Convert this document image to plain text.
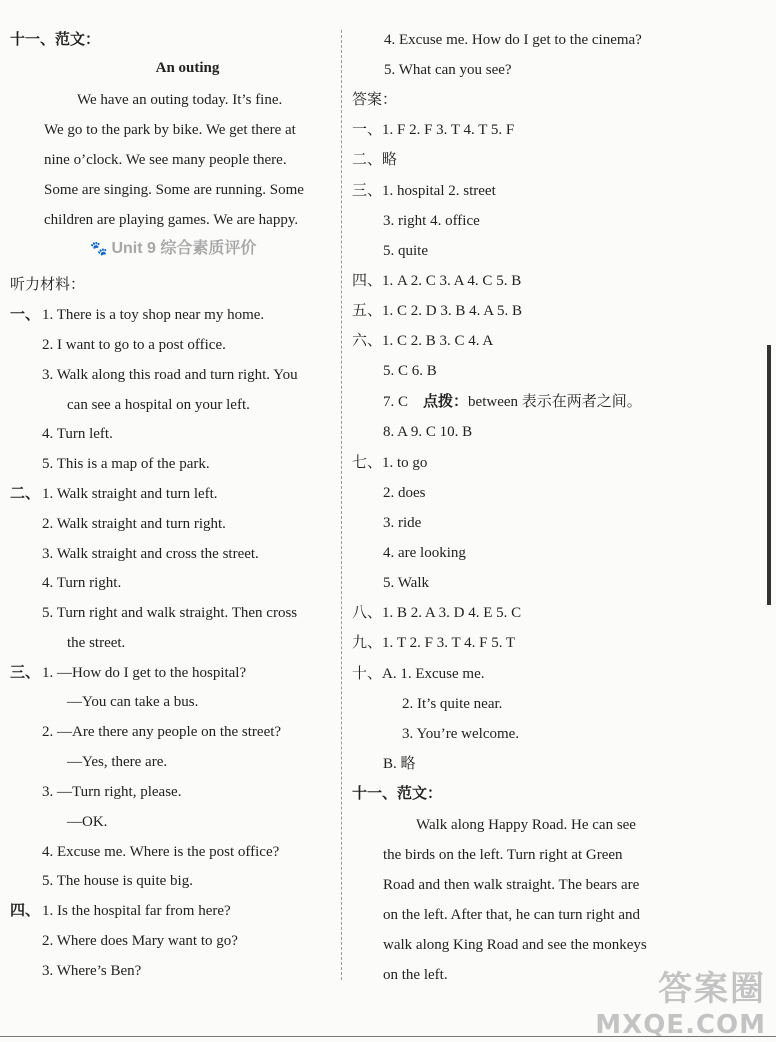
十一、范文：
An outing
We have an outing today. It’s fine.
We go to the park by bike. We get there at
nine o’clock. We see many people there.
Some are singing. Some are running. Some
children are playing games. We are happy.
🐾 Unit 9 综合素质评价
听力材料：
一、 1. There is a toy shop near my home.
2. I want to go to a post office.
3. Walk along this road and turn right. You
can see a hospital on your left.
4. Turn left.
5. This is a map of the park.
二、 1. Walk straight and turn left.
2. Walk straight and turn right.
3. Walk straight and cross the street.
4. Turn right.
5. Turn right and walk straight. Then cross
the street.
三、 1. —How do I get to the hospital?
—You can take a bus.
2. —Are there any people on the street?
—Yes, there are.
3. —Turn right, please.
—OK.
4. Excuse me. Where is the post office?
5. The house is quite big.
四、 1. Is the hospital far from here?
2. Where does Mary want to go?
3. Where’s Ben?
4. Excuse me. How do I get to the cinema?
5. What can you see?
答案：
一、1. F 2. F 3. T 4. T 5. F
二、略
三、1. hospital 2. street
3. right 4. office
5. quite
四、1. A 2. C 3. A 4. C 5. B
五、1. C 2. D 3. B 4. A 5. B
六、1. C 2. B 3. C 4. A
5. C 6. B
7. C 点拨：between 表示在两者之间。
8. A 9. C 10. B
七、1. to go
2. does
3. ride
4. are looking
5. Walk
八、1. B 2. A 3. D 4. E 5. C
九、1. T 2. F 3. T 4. F 5. T
十、A. 1. Excuse me.
2. It’s quite near.
3. You’re welcome.
B. 略
十一、范文：
Walk along Happy Road. He can see
the birds on the left. Turn right at Green
Road and then walk straight. The bears are
on the left. After that, he can turn right and
walk along King Road and see the monkeys
on the left.	答案圈
MXQE.COM
